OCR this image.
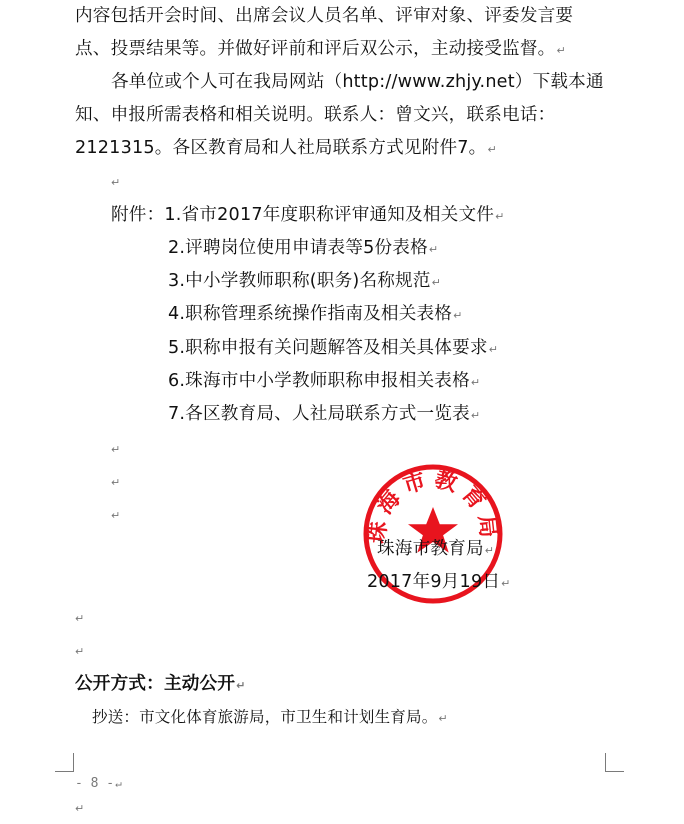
内容包括开会时间、出席会议人员名单、评审对象、评委发言要
点、投票结果等。并做好评前和评后双公示，主动接受监督。↵
各单位或个人可在我局网站（http://www.zhjy.net）下载本通
知、申报所需表格和相关说明。联系人：曾文兴，联系电话：
2121315。各区教育局和人社局联系方式见附件7。↵
↵
附件：1.省市2017年度职称评审通知及相关文件↵
2.评聘岗位使用申请表等5份表格↵
3.中小学教师职称(职务)名称规范↵
4.职称管理系统操作指南及相关表格↵
5.职称申报有关问题解答及相关具体要求↵
6.珠海市中小学教师职称申报相关表格↵
7.各区教育局、人社局联系方式一览表↵
↵
↵
↵	珠海市教育局
珠海市教育局↵
2017年9月19日↵
↵
↵
公开方式：主动公开↵
抄送：市文化体育旅游局，市卫生和计划生育局。↵
- 8 -↵
↵
